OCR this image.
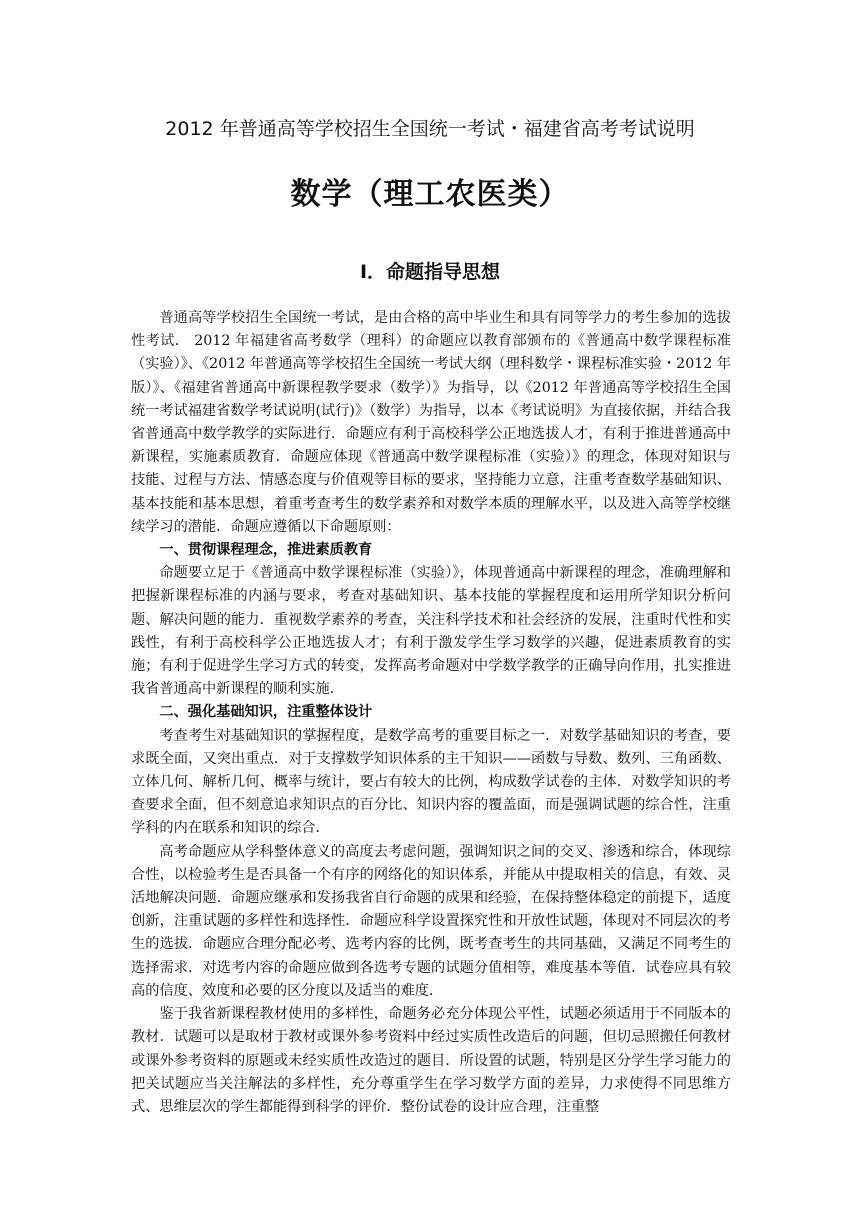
2012 年普通高等学校招生全国统一考试・福建省高考考试说明
数学（理工农医类）
Ⅰ．命题指导思想

普通高等学校招生全国统一考试，是由合格的高中毕业生和具有同等学力的考生参加的选拔性考试． 2012 年福建省高考数学（理科）的命题应以教育部颁布的《普通高中数学课程标准（实验）》、《2012 年普通高等学校招生全国统一考试大纲（理科数学・课程标准实验・2012 年版）》、《福建省普通高中新课程教学要求（数学）》为指导，以《2012 年普通高等学校招生全国统一考试福建省数学考试说明(试行)》（数学）为指导，以本《考试说明》为直接依据，并结合我省普通高中数学教学的实际进行．命题应有利于高校科学公正地选拔人才，有利于推进普通高中新课程，实施素质教育．命题应体现《普通高中数学课程标准（实验）》的理念，体现对知识与技能、过程与方法、情感态度与价值观等目标的要求，坚持能力立意，注重考查数学基础知识、基本技能和基本思想，着重考查考生的数学素养和对数学本质的理解水平，以及进入高等学校继续学习的潜能．命题应遵循以下命题原则：

一、贯彻课程理念，推进素质教育

命题要立足于《普通高中数学课程标准（实验）》，体现普通高中新课程的理念，准确理解和把握新课程标准的内涵与要求，考查对基础知识、基本技能的掌握程度和运用所学知识分析问题、解决问题的能力．重视数学素养的考查，关注科学技术和社会经济的发展，注重时代性和实践性，有利于高校科学公正地选拔人才；有利于激发学生学习数学的兴趣，促进素质教育的实施；有利于促进学生学习方式的转变，发挥高考命题对中学数学教学的正确导向作用，扎实推进我省普通高中新课程的顺利实施．

二、强化基础知识，注重整体设计

考查考生对基础知识的掌握程度，是数学高考的重要目标之一．对数学基础知识的考查，要求既全面，又突出重点．对于支撑数学知识体系的主干知识——函数与导数、数列、三角函数、立体几何、解析几何、概率与统计，要占有较大的比例，构成数学试卷的主体．对数学知识的考查要求全面，但不刻意追求知识点的百分比、知识内容的覆盖面，而是强调试题的综合性，注重学科的内在联系和知识的综合．

高考命题应从学科整体意义的高度去考虑问题，强调知识之间的交叉、渗透和综合，体现综合性，以检验考生是否具备一个有序的网络化的知识体系，并能从中提取相关的信息，有效、灵活地解决问题．命题应继承和发扬我省自行命题的成果和经验，在保持整体稳定的前提下，适度创新，注重试题的多样性和选择性．命题应科学设置探究性和开放性试题，体现对不同层次的考生的选拔．命题应合理分配必考、选考内容的比例，既考查考生的共同基础，又满足不同考生的选择需求．对选考内容的命题应做到各选考专题的试题分值相等，难度基本等值．试卷应具有较高的信度、效度和必要的区分度以及适当的难度．

鉴于我省新课程教材使用的多样性，命题务必充分体现公平性，试题必须适用于不同版本的教材．试题可以是取材于教材或课外参考资料中经过实质性改造后的问题，但切忌照搬任何教材或课外参考资料的原题或未经实质性改造过的题目．所设置的试题，特别是区分学生学习能力的把关试题应当关注解法的多样性，充分尊重学生在学习数学方面的差异，力求使得不同思维方式、思维层次的学生都能得到科学的评价．整份试卷的设计应合理，注重整
